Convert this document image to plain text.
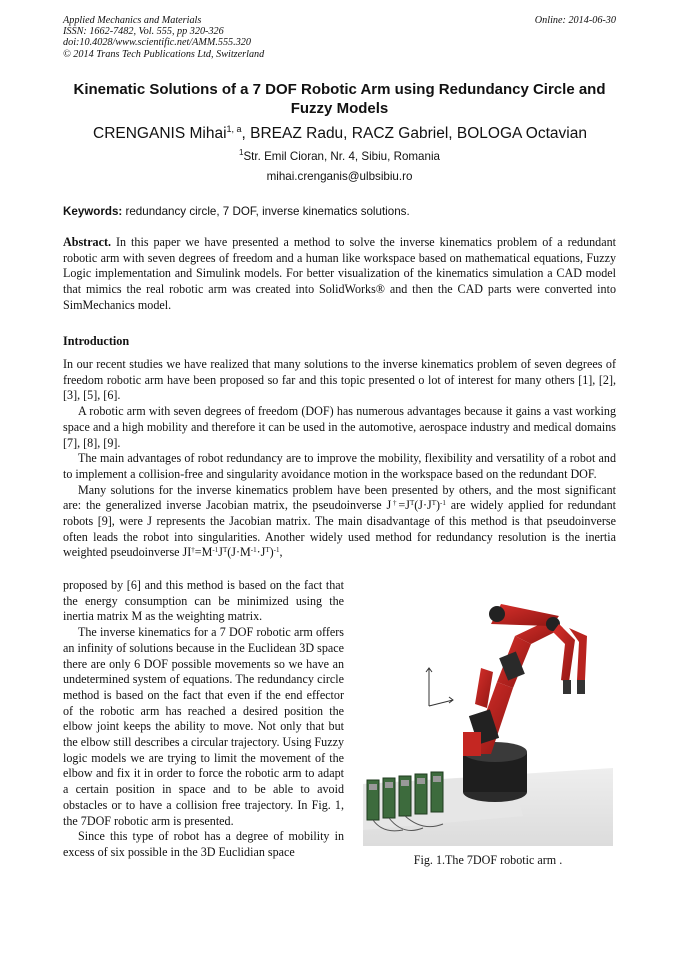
Applied Mechanics and Materials
ISSN: 1662-7482, Vol. 555, pp 320-326
doi:10.4028/www.scientific.net/AMM.555.320
© 2014 Trans Tech Publications Ltd, Switzerland
Online: 2014-06-30
Kinematic Solutions of a 7 DOF Robotic Arm using Redundancy Circle and Fuzzy Models
CRENGANIS Mihai$^{1, a}$, BREAZ Radu, RACZ Gabriel, BOLOGA Octavian
$^1$Str. Emil Cioran, Nr. 4, Sibiu, Romania
mihai.crenganis@ulbsibiu.ro
Keywords: redundancy circle, 7 DOF, inverse kinematics solutions.

Abstract. In this paper we have presented a method to solve the inverse kinematics problem of a redundant robotic arm with seven degrees of freedom and a human like workspace based on mathematical equations, Fuzzy Logic implementation and Simulink models. For better visualization of the kinematics simulation a CAD model that mimics the real robotic arm was created into SolidWorks® and then the CAD parts were converted into SimMechanics model.

Introduction

In our recent studies we have realized that many solutions to the inverse kinematics problem of seven degrees of freedom robotic arm have been proposed so far and this topic presented o lot of interest for many others [1], [2], [3], [5], [6].

A robotic arm with seven degrees of freedom (DOF) has numerous advantages because it gains a vast working space and a high mobility and therefore it can be used in the automotive, aerospace industry and medical domains [7], [8], [9].

The main advantages of robot redundancy are to improve the mobility, flexibility and versatility of a robot and to implement a collision-free and singularity avoidance motion in the workspace based on the redundant DOF.

Many solutions for the inverse kinematics problem have been presented by others, and the most significant are: the generalized inverse Jacobian matrix, the pseudoinverse $J^\dagger=J^T(J\cdot J^T)^{-1}$ are widely applied for redundant robots [9], were J represents the Jacobian matrix. The main disadvantage of this method is that pseudoinverse often leads the robot into singularities. Another widely used method for redundancy resolution is the inertia weighted pseudoinverse $JI^\dagger=M^{-1}J^T(J\cdot M^{-1}\cdot J^T)^{-1}$,

proposed by [6] and this method is based on the fact that the energy consumption can be minimized using the inertia matrix M as the weighting matrix.

The inverse kinematics for a 7 DOF robotic arm offers an infinity of solutions because in the Euclidean 3D space there are only 6 DOF possible movements so we have an undetermined system of equations. The redundancy circle method is based on the fact that even if the end effector of the robotic arm has reached a desired position the elbow joint keeps the ability to move. Not only that but the elbow still describes a circular trajectory. Using Fuzzy logic models we are trying to limit the movement of the elbow and fix it in order to force the robotic arm to adapt a certain position in space and to be able to avoid obstacles or to have a collision free trajectory. In Fig. 1, the 7DOF robotic arm is presented.

Since this type of robot has a degree of mobility in excess of six possible in the 3D Euclidian space

Fig. 1.The 7DOF robotic arm .
